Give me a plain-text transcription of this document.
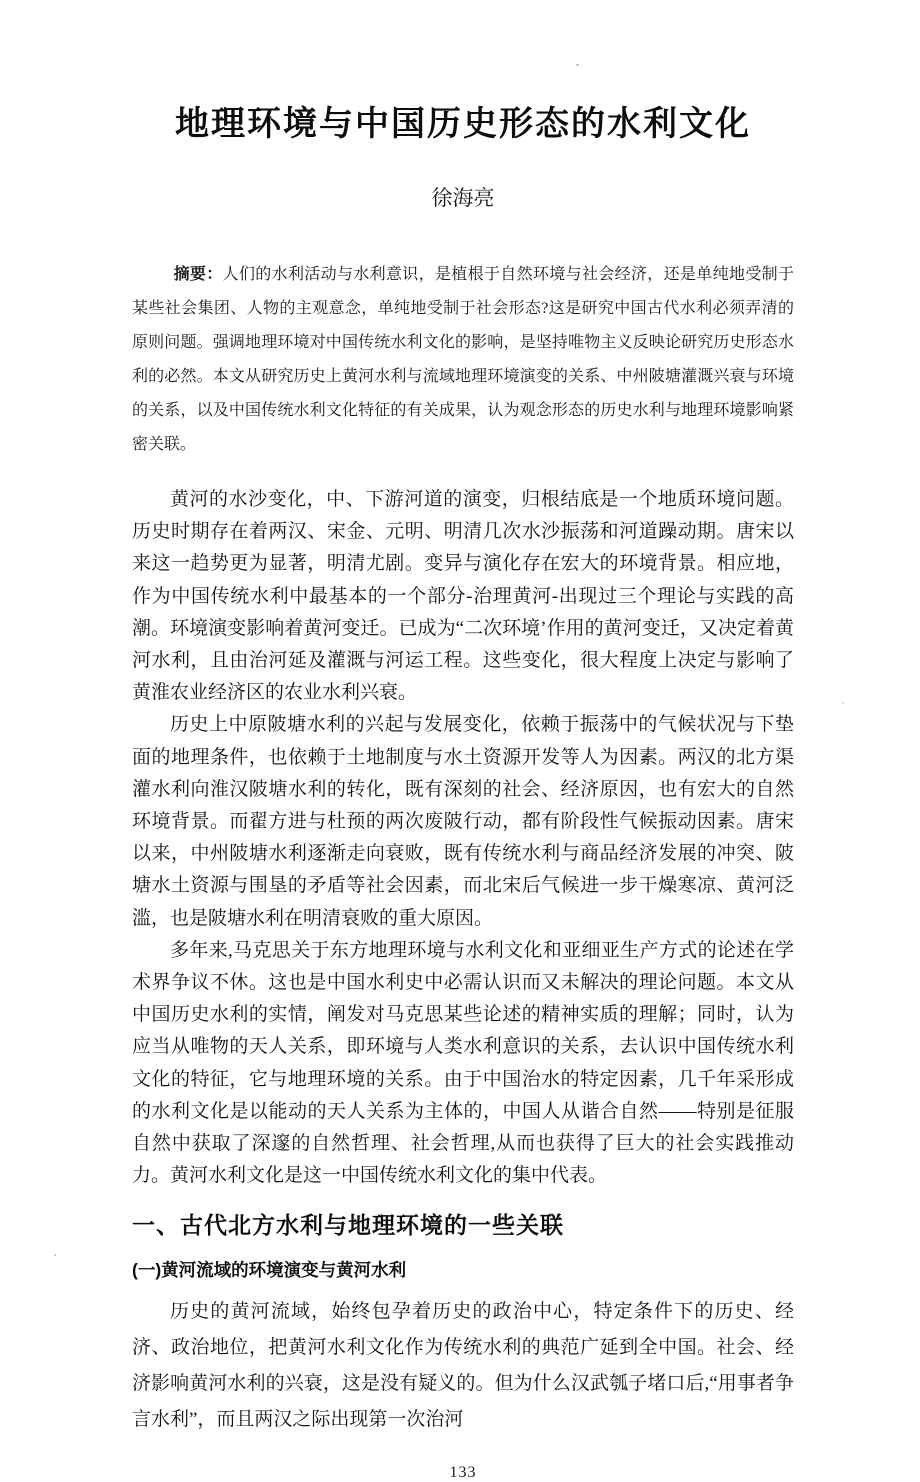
地理环境与中国历史形态的水利文化
徐海亮

摘要：人们的水利活动与水利意识，是植根于自然环境与社会经济，还是单纯地受制于某些社会集团、人物的主观意念，单纯地受制于社会形态?这是研究中国古代水利必须弄清的原则问题。强调地理环境对中国传统水利文化的影响，是坚持唯物主义反映论研究历史形态水利的必然。本文从研究历史上黄河水利与流域地理环境演变的关系、中州陂塘灌溉兴衰与环境的关系，以及中国传统水利文化特征的有关成果，认为观念形态的历史水利与地理环境影响紧密关联。

黄河的水沙变化，中、下游河道的演变，归根结底是一个地质环境问题。历史时期存在着两汉、宋金、元明、明清几次水沙振荡和河道躁动期。唐宋以来这一趋势更为显著，明清尤剧。变异与演化存在宏大的环境背景。相应地，作为中国传统水利中最基本的一个部分-治理黄河-出现过三个理论与实践的高潮。环境演变影响着黄河变迁。已成为“二次环境’作用的黄河变迁，又决定着黄河水利，且由治河延及灌溉与河运工程。这些变化，很大程度上决定与影响了黄淮农业经济区的农业水利兴衰。

历史上中原陂塘水利的兴起与发展变化，依赖于振荡中的气候状况与下垫面的地理条件，也依赖于土地制度与水土资源开发等人为因素。两汉的北方渠灌水利向淮汉陂塘水利的转化，既有深刻的社会、经济原因，也有宏大的自然环境背景。而翟方进与杜预的两次废陂行动，都有阶段性气候振动因素。唐宋以来，中州陂塘水利逐渐走向衰败，既有传统水利与商品经济发展的冲突、陂塘水土资源与围垦的矛盾等社会因素，而北宋后气候进一步干燥寒凉、黄河泛滥，也是陂塘水利在明清衰败的重大原因。

多年来,马克思关于东方地理环境与水利文化和亚细亚生产方式的论述在学术界争议不休。这也是中国水利史中必需认识而又未解决的理论问题。本文从中国历史水利的实情，阐发对马克思某些论述的精神实质的理解；同时，认为应当从唯物的天人关系，即环境与人类水利意识的关系，去认识中国传统水利文化的特征，它与地理环境的关系。由于中国治水的特定因素，几千年采形成的水利文化是以能动的天人关系为主体的，中国人从谐合自然——特别是征服自然中获取了深邃的自然哲理、社会哲理,从而也获得了巨大的社会实践推动力。黄河水利文化是这一中国传统水利文化的集中代表。

一、古代北方水利与地理环境的一些关联
(一)黄河流域的环境演变与黄河水利

历史的黄河流域，始终包孕着历史的政治中心，特定条件下的历史、经济、政治地位，把黄河水利文化作为传统水利的典范广延到全中国。社会、经济影响黄河水利的兴衰，这是没有疑义的。但为什么汉武瓠子堵口后,“用事者争言水利”，而且两汉之际出现第一次治河

133
